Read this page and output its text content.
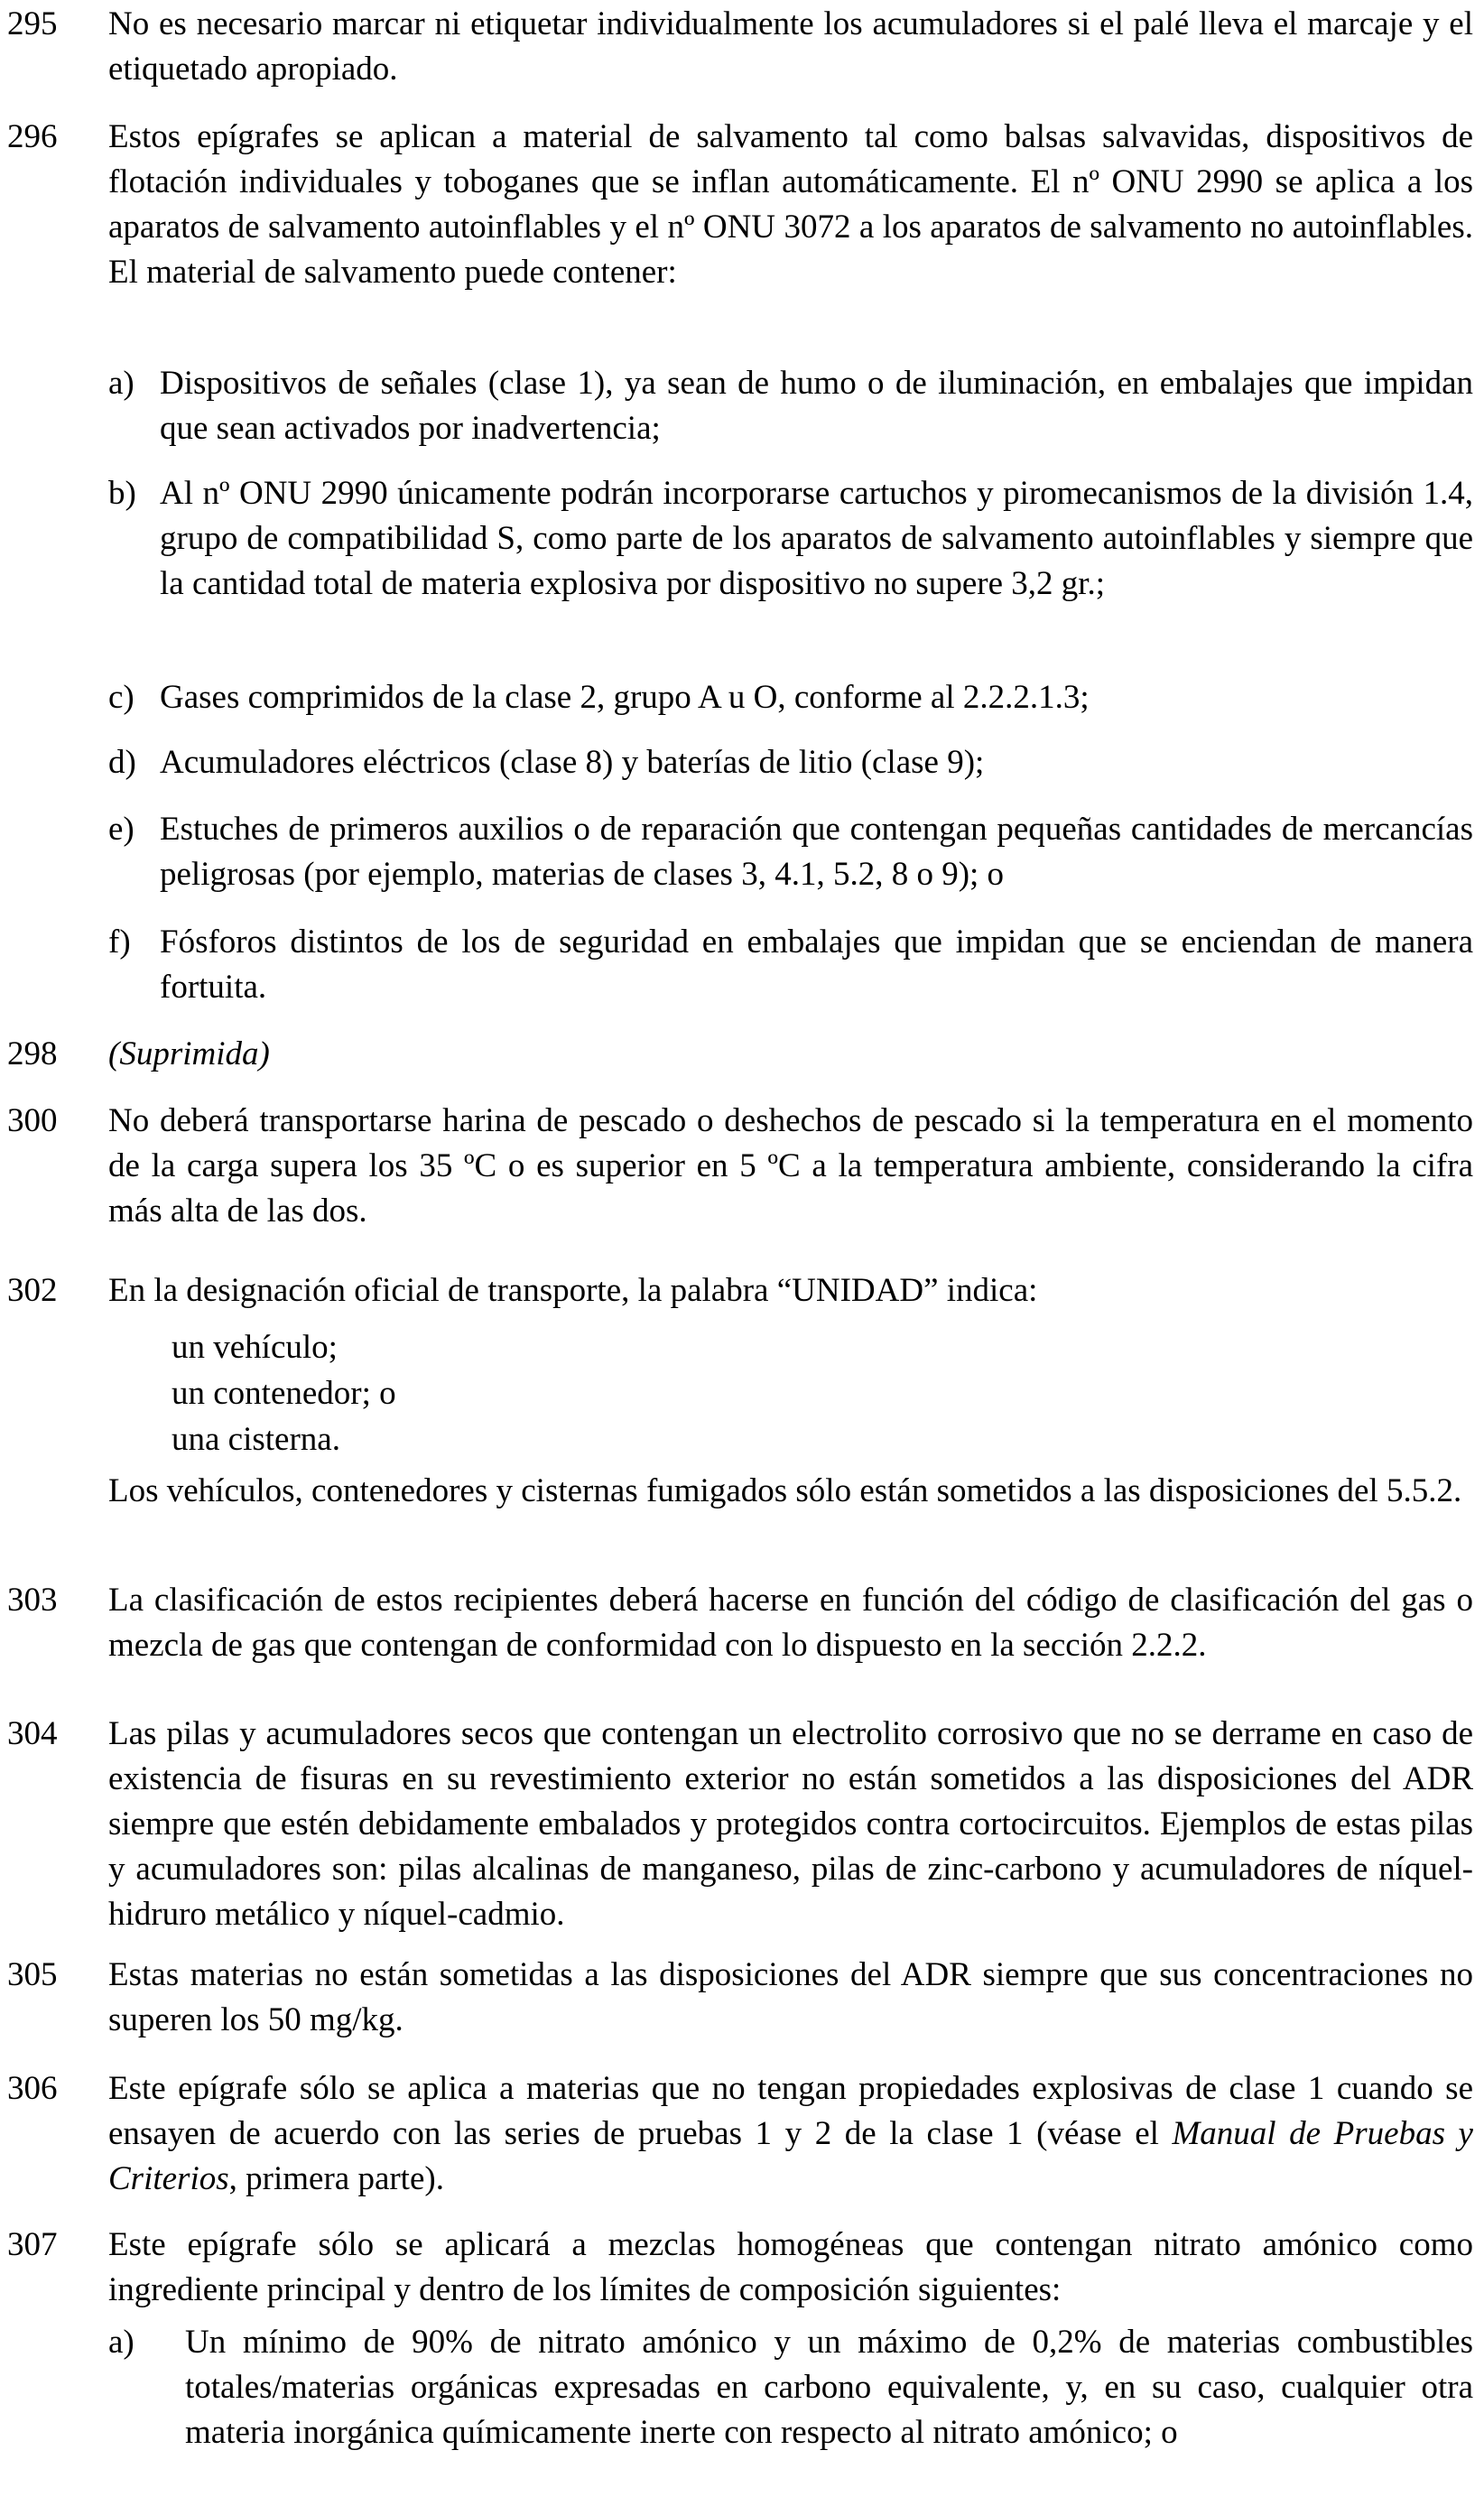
295	No es necesario marcar ni etiquetar individualmente los acumuladores si el palé lleva el marcaje y el etiquetado apropiado.

296	Estos epígrafes se aplican a material de salvamento tal como balsas salvavidas, dispositivos de flotación individuales y toboganes que se inflan automáticamente. El nº ONU 2990 se aplica a los aparatos de salvamento autoinflables y el nº ONU 3072 a los aparatos de salvamento no autoinflables. El material de salvamento puede contener:

a) Dispositivos de señales (clase 1), ya sean de humo o de iluminación, en embalajes que impidan que sean activados por inadvertencia;

b) Al nº ONU 2990 únicamente podrán incorporarse cartuchos y piromecanismos de la división 1.4, grupo de compatibilidad S, como parte de los aparatos de salvamento autoinflables y siempre que la cantidad total de materia explosiva por dispositivo no supere 3,2 gr.;

c) Gases comprimidos de la clase 2, grupo A u O, conforme al 2.2.2.1.3;

d) Acumuladores eléctricos (clase 8) y baterías de litio (clase 9);

e) Estuches de primeros auxilios o de reparación que contengan pequeñas cantidades de mercancías peligrosas (por ejemplo, materias de clases 3, 4.1, 5.2, 8 o 9); o

f) Fósforos distintos de los de seguridad en embalajes que impidan que se enciendan de manera fortuita.

298	(Suprimida)

300	No deberá transportarse harina de pescado o deshechos de pescado si la temperatura en el momento de la carga supera los 35 ºC o es superior en 5 ºC a la temperatura ambiente, considerando la cifra más alta de las dos.

302	En la designación oficial de transporte, la palabra “UNIDAD” indica:

un vehículo;
un contenedor; o
una cisterna.

Los vehículos, contenedores y cisternas fumigados sólo están sometidos a las disposiciones del 5.5.2.

303	La clasificación de estos recipientes deberá hacerse en función del código de clasificación del gas o mezcla de gas que contengan de conformidad con lo dispuesto en la sección 2.2.2.

304	Las pilas y acumuladores secos que contengan un electrolito corrosivo que no se derrame en caso de existencia de fisuras en su revestimiento exterior no están sometidos a las disposiciones del ADR siempre que estén debidamente embalados y protegidos contra cortocircuitos. Ejemplos de estas pilas y acumuladores son: pilas alcalinas de manganeso, pilas de zinc-carbono y acumuladores de níquel-hidruro metálico y níquel-cadmio.

305	Estas materias no están sometidas a las disposiciones del ADR siempre que sus concentraciones no superen los 50 mg/kg.

306	Este epígrafe sólo se aplica a materias que no tengan propiedades explosivas de clase 1 cuando se ensayen de acuerdo con las series de pruebas 1 y 2 de la clase 1 (véase el Manual de Pruebas y Criterios, primera parte).

307	Este epígrafe sólo se aplicará a mezclas homogéneas que contengan nitrato amónico como ingrediente principal y dentro de los límites de composición siguientes:

a) Un mínimo de 90% de nitrato amónico y un máximo de 0,2% de materias combustibles totales/materias orgánicas expresadas en carbono equivalente, y, en su caso, cualquier otra materia inorgánica químicamente inerte con respecto al nitrato amónico; o
